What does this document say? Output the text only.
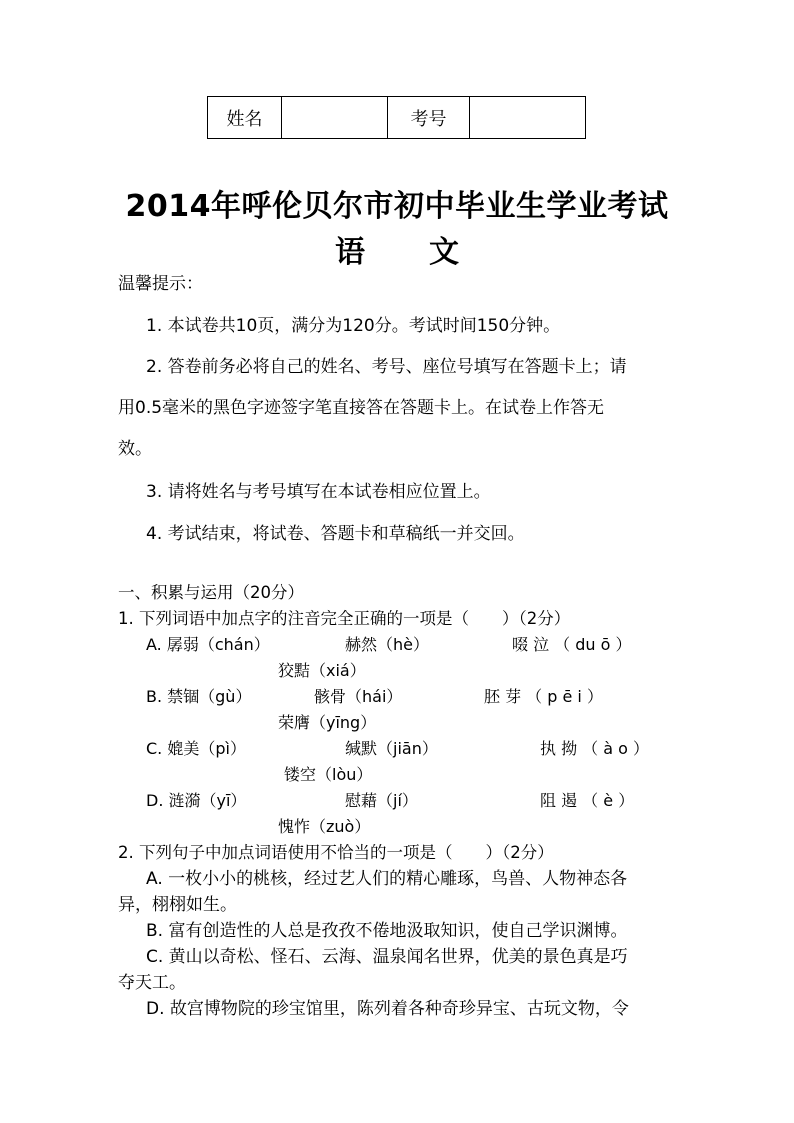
姓名		考号	
2014年呼伦贝尔市初中毕业生学业考试
语 文
温馨提示：
1. 本试卷共10页，满分为120分。考试时间150分钟。
2. 答卷前务必将自己的姓名、考号、座位号填写在答题卡上；请
用0.5毫米的黑色字迹签字笔直接答在答题卡上。在试卷上作答无
效。
3. 请将姓名与考号填写在本试卷相应位置上。
4. 考试结束，将试卷、答题卡和草稿纸一并交回。
一、积累与运用（20分）
1. 下列词语中加点字的注音完全正确的一项是（　　）（2分）
A. 孱弱（chán）	赫然（hè）	啜 泣 （ du ō ）
狡黠（xiá）
B. 禁锢（gù）	骸骨（hái）	胚 芽 （ p ē i ）
荣膺（yīng）
C. 媲美（pì）	缄默（jiān）	执 拗 （ à o ）
镂空（lòu）
D. 涟漪（yī）	慰藉（jí）	阻 遏 （ è ）
愧怍（zuò）
2. 下列句子中加点词语使用不恰当的一项是（　　）（2分）
A. 一枚小小的桃核，经过艺人们的精心雕琢，鸟兽、人物神态各
异，栩栩如生。
B. 富有创造性的人总是孜孜不倦地汲取知识，使自己学识渊博。
C. 黄山以奇松、怪石、云海、温泉闻名世界，优美的景色真是巧
夺天工。
D. 故宫博物院的珍宝馆里，陈列着各种奇珍异宝、古玩文物，令
